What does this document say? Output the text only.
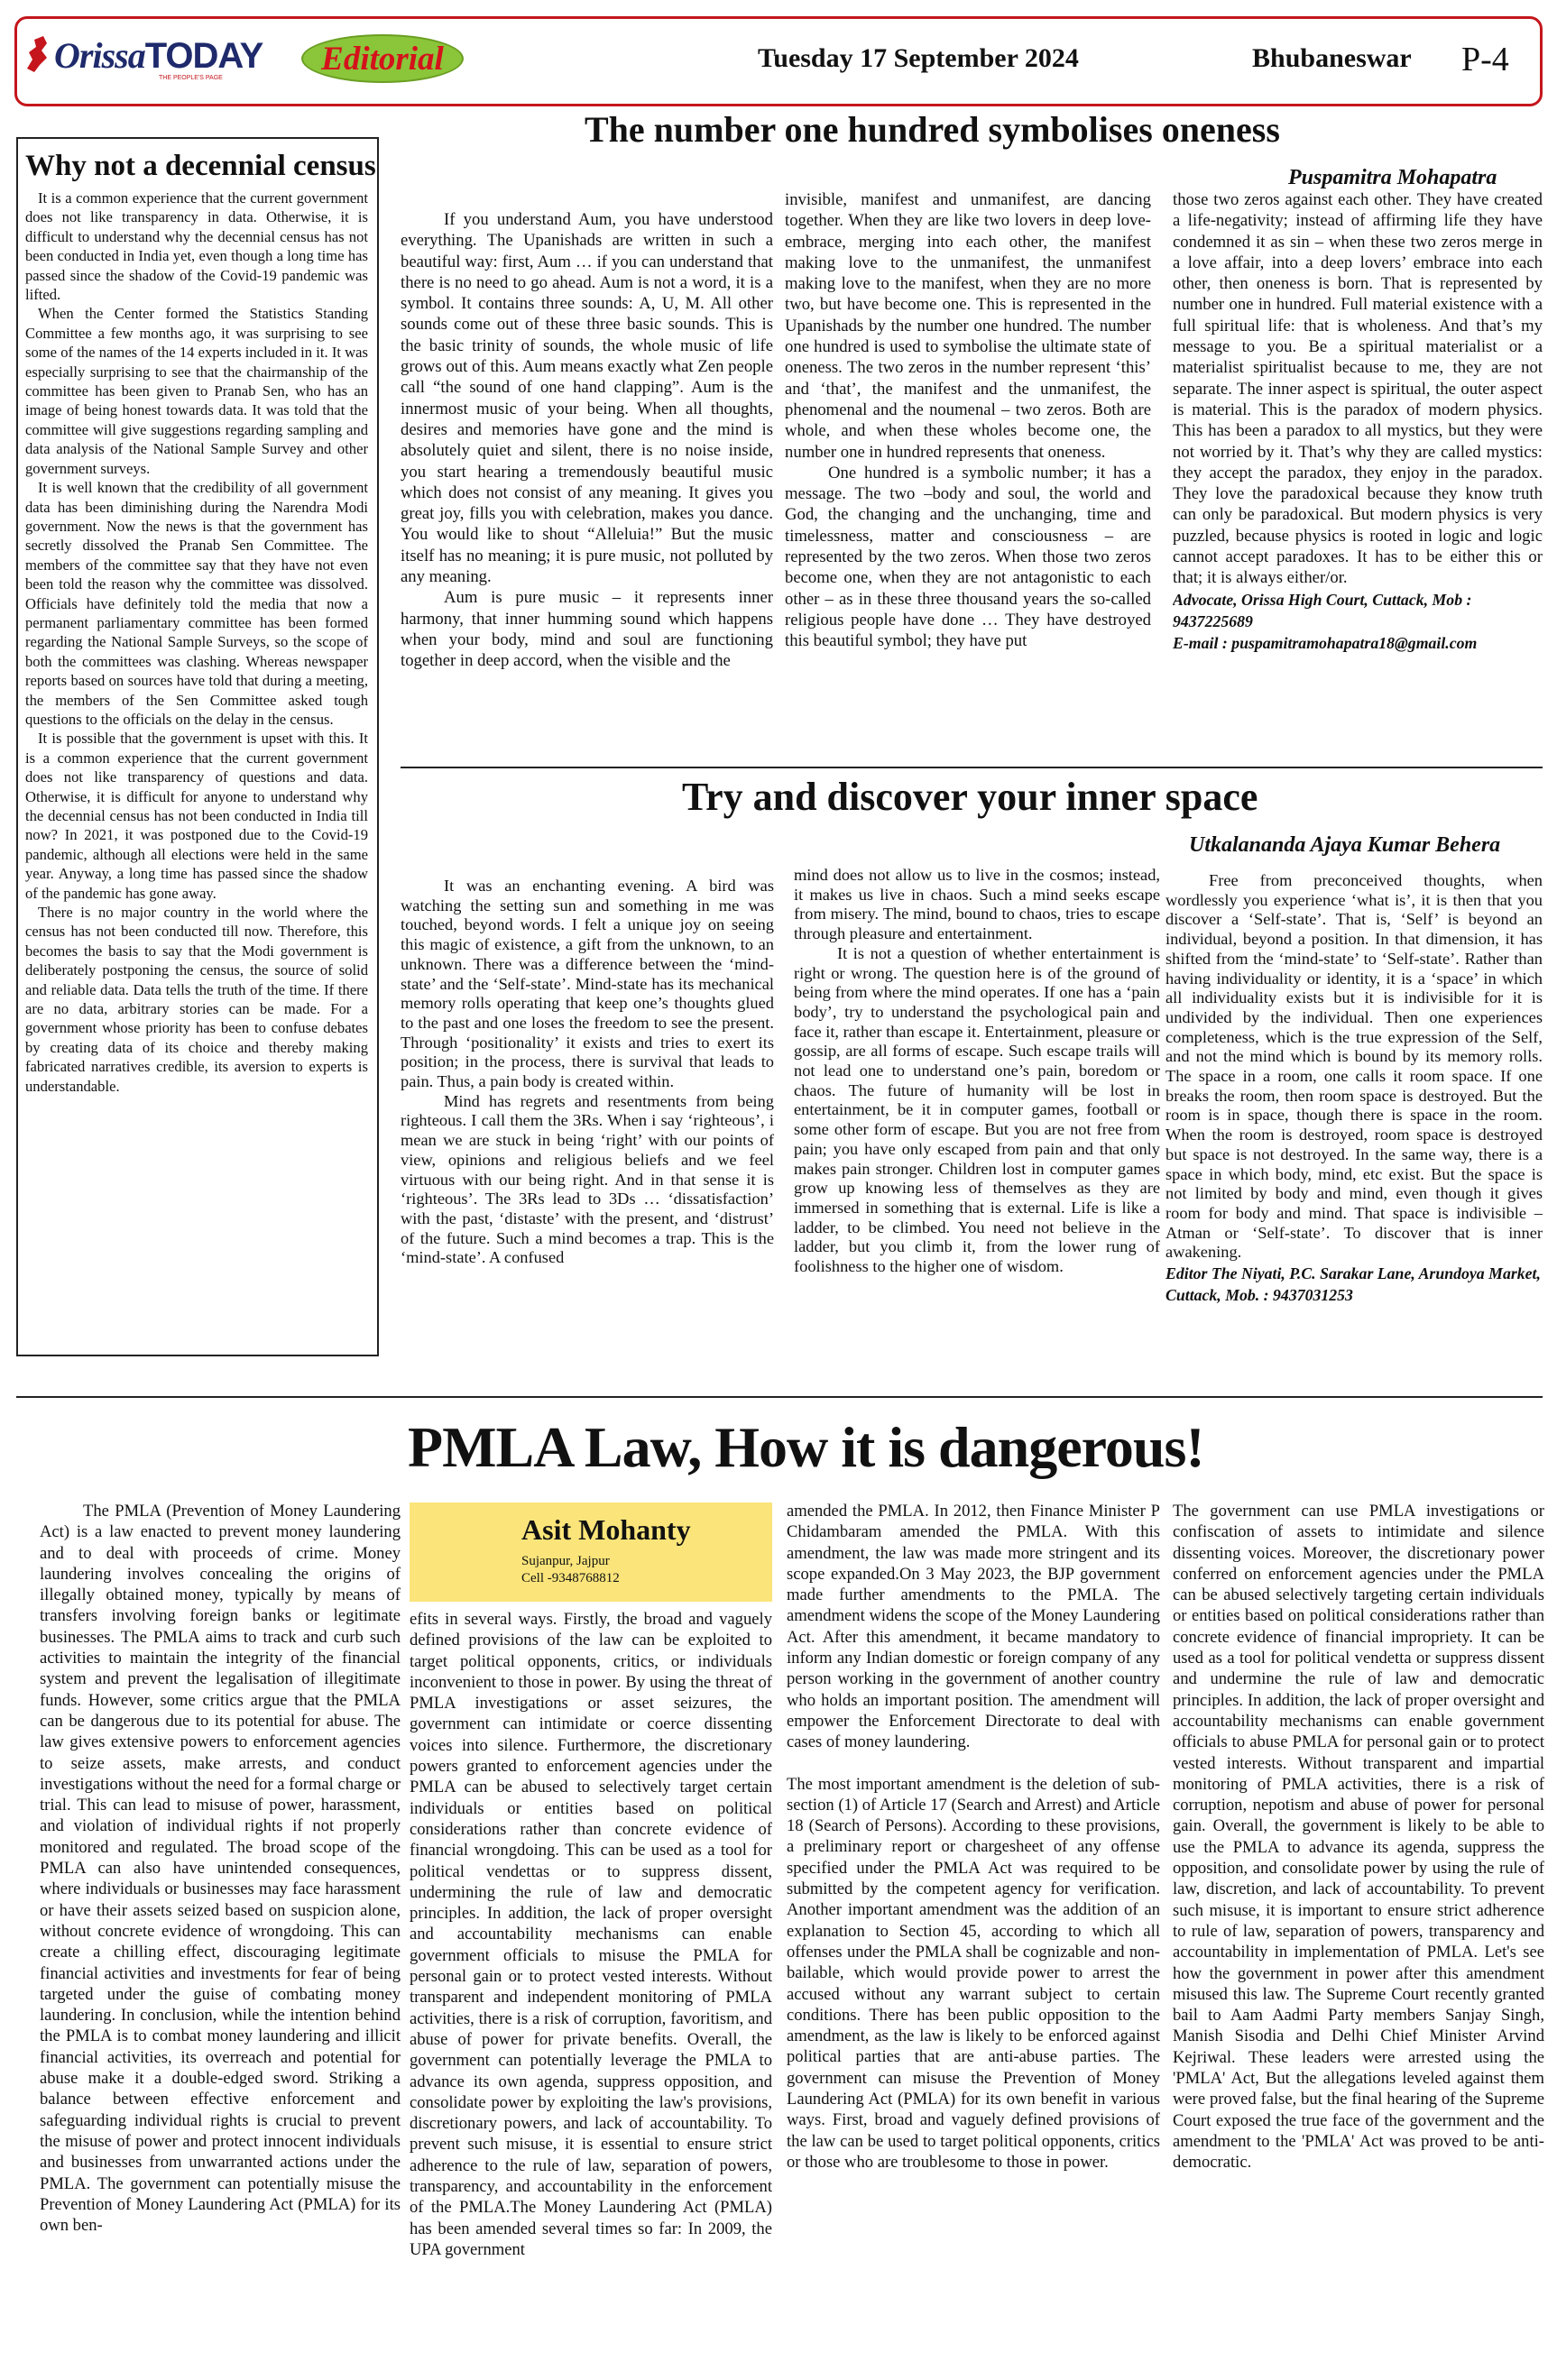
OrissaTODAY
THE PEOPLE'S PAGE
Editorial	Tuesday 17 September 2024	Bhubaneswar P-4
Why not a decennial census

It is a common experience that the current government does not like transparency in data. Otherwise, it is difficult to understand why the decennial census has not been conducted in India yet, even though a long time has passed since the shadow of the Covid-19 pandemic was lifted.

When the Center formed the Statistics Standing Committee a few months ago, it was surprising to see some of the names of the 14 experts included in it. It was especially surprising to see that the chairmanship of the committee has been given to Pranab Sen, who has an image of being honest towards data. It was told that the committee will give suggestions regarding sampling and data analysis of the National Sample Survey and other government surveys.

It is well known that the credibility of all government data has been diminishing during the Narendra Modi government. Now the news is that the government has secretly dissolved the Pranab Sen Committee. The members of the committee say that they have not even been told the reason why the committee was dissolved. Officials have definitely told the media that now a permanent parliamentary committee has been formed regarding the National Sample Surveys, so the scope of both the committees was clashing. Whereas newspaper reports based on sources have told that during a meeting, the members of the Sen Committee asked tough questions to the officials on the delay in the census.

It is possible that the government is upset with this. It is a common experience that the current government does not like transparency of questions and data. Otherwise, it is difficult for anyone to understand why the decennial census has not been conducted in India till now? In 2021, it was postponed due to the Covid-19 pandemic, although all elections were held in the same year. Anyway, a long time has passed since the shadow of the pandemic has gone away.

There is no major country in the world where the census has not been conducted till now. Therefore, this becomes the basis to say that the Modi government is deliberately postponing the census, the source of solid and reliable data. Data tells the truth of the time. If there are no data, arbitrary stories can be made. For a government whose priority has been to confuse debates by creating data of its choice and thereby making fabricated narratives credible, its aversion to experts is understandable.

The number one hundred symbolises oneness
Puspamitra Mohapatra

If you understand Aum, you have understood everything. The Upanishads are written in such a beautiful way: first, Aum … if you can understand that there is no need to go ahead. Aum is not a word, it is a symbol. It contains three sounds: A, U, M. All other sounds come out of these three basic sounds. This is the basic trinity of sounds, the whole music of life grows out of this. Aum means exactly what Zen people call “the sound of one hand clapping”. Aum is the innermost music of your being. When all thoughts, desires and memories have gone and the mind is absolutely quiet and silent, there is no noise inside, you start hearing a tremendously beautiful music which does not consist of any meaning. It gives you great joy, fills you with celebration, makes you dance. You would like to shout “Alleluia!” But the music itself has no meaning; it is pure music, not polluted by any meaning.

Aum is pure music – it represents inner harmony, that inner humming sound which happens when your body, mind and soul are functioning together in deep accord, when the visible and the

invisible, manifest and unmanifest, are dancing together. When they are like two lovers in deep love-embrace, merging into each other, the manifest making love to the unmanifest, the unmanifest making love to the manifest, when they are no more two, but have become one. This is represented in the Upanishads by the number one hundred. The number one hundred is used to symbolise the ultimate state of oneness. The two zeros in the number represent ‘this’ and ‘that’, the manifest and the unmanifest, the phenomenal and the noumenal – two zeros. Both are whole, and when these wholes become one, the number one in hundred represents that oneness.

One hundred is a symbolic number; it has a message. The two –body and soul, the world and God, the changing and the unchanging, time and timelessness, matter and consciousness – are represented by the two zeros. When those two zeros become one, when they are not antagonistic to each other – as in these three thousand years the so-called religious people have done … They have destroyed this beautiful symbol; they have put

those two zeros against each other. They have created a life-negativity; instead of affirming life they have condemned it as sin – when these two zeros merge in a love affair, into a deep lovers’ embrace into each other, then oneness is born. That is represented by number one in hundred. Full material existence with a full spiritual life: that is wholeness. And that’s my message to you. Be a spiritual materialist or a materialist spiritualist because to me, they are not separate. The inner aspect is spiritual, the outer aspect is material. This is the paradox of modern physics. This has been a paradox to all mystics, but they were not worried by it. That’s why they are called mystics: they accept the paradox, they enjoy in the paradox. They love the paradoxical because they know truth can only be paradoxical. But modern physics is very puzzled, because physics is rooted in logic and logic cannot accept paradoxes. It has to be either this or that; it is always either/or.

Advocate, Orissa High Court, Cuttack, Mob : 9437225689

E-mail : puspamitramohapatra18@gmail.com

Try and discover your inner space
Utkalananda Ajaya Kumar Behera

It was an enchanting evening. A bird was watching the setting sun and something in me was touched, beyond words. I felt a unique joy on seeing this magic of existence, a gift from the unknown, to an unknown. There was a difference between the ‘mind-state’ and the ‘Self-state’. Mind-state has its mechanical memory rolls operating that keep one’s thoughts glued to the past and one loses the freedom to see the present. Through ‘positionality’ it exists and tries to exert its position; in the process, there is survival that leads to pain. Thus, a pain body is created within.

Mind has regrets and resentments from being righteous. I call them the 3Rs. When i say ‘righteous’, i mean we are stuck in being ‘right’ with our points of view, opinions and religious beliefs and we feel virtuous with our being right. And in that sense it is ‘righteous’. The 3Rs lead to 3Ds … ‘dissatisfaction’ with the past, ‘distaste’ with the present, and ‘distrust’ of the future. Such a mind becomes a trap. This is the ‘mind-state’. A confused

mind does not allow us to live in the cosmos; instead, it makes us live in chaos. Such a mind seeks escape from misery. The mind, bound to chaos, tries to escape through pleasure and entertainment.

It is not a question of whether entertainment is right or wrong. The question here is of the ground of being from where the mind operates. If one has a ‘pain body’, try to understand the psychological pain and face it, rather than escape it. Entertainment, pleasure or gossip, are all forms of escape. Such escape trails will not lead one to understand one’s pain, boredom or chaos. The future of humanity will be lost in entertainment, be it in computer games, football or some other form of escape. But you are not free from pain; you have only escaped from pain and that only makes pain stronger. Children lost in computer games grow up knowing less of themselves as they are immersed in something that is external. Life is like a ladder, to be climbed. You need not believe in the ladder, but you climb it, from the lower rung of foolishness to the higher one of wisdom.

Free from preconceived thoughts, when wordlessly you experience ‘what is’, it is then that you discover a ‘Self-state’. That is, ‘Self’ is beyond an individual, beyond a position. In that dimension, it has shifted from the ‘mind-state’ to ‘Self-state’. Rather than having individuality or identity, it is a ‘space’ in which all individuality exists but it is indivisible for it is undivided by the individual. Then one experiences completeness, which is the true expression of the Self, and not the mind which is bound by its memory rolls. The space in a room, one calls it room space. If one breaks the room, then room space is destroyed. But the room is in space, though there is space in the room. When the room is destroyed, room space is destroyed but space is not destroyed. In the same way, there is a space in which body, mind, etc exist. But the space is not limited by body and mind, even though it gives room for body and mind. That space is indivisible – Atman or ‘Self-state’. To discover that is inner awakening.

Editor The Niyati, P.C. Sarakar Lane, Arundoya Market, Cuttack, Mob. : 9437031253

PMLA Law, How it is dangerous!
Asit Mohanty
Sujanpur, Jajpur
Cell -9348768812

The PMLA (Prevention of Money Laundering Act) is a law enacted to prevent money laundering and to deal with proceeds of crime. Money laundering involves concealing the origins of illegally obtained money, typically by means of transfers involving foreign banks or legitimate businesses. The PMLA aims to track and curb such activities to maintain the integrity of the financial system and prevent the legalisation of illegitimate funds. However, some critics argue that the PMLA can be dangerous due to its potential for abuse. The law gives extensive powers to enforcement agencies to seize assets, make arrests, and conduct investigations without the need for a formal charge or trial. This can lead to misuse of power, harassment, and violation of individual rights if not properly monitored and regulated. The broad scope of the PMLA can also have unintended consequences, where individuals or businesses may face harassment or have their assets seized based on suspicion alone, without concrete evidence of wrongdoing. This can create a chilling effect, discouraging legitimate financial activities and investments for fear of being targeted under the guise of combating money laundering. In conclusion, while the intention behind the PMLA is to combat money laundering and illicit financial activities, its overreach and potential for abuse make it a double-edged sword. Striking a balance between effective enforcement and safeguarding individual rights is crucial to prevent the misuse of power and protect innocent individuals and businesses from unwarranted actions under the PMLA. The government can potentially misuse the Prevention of Money Laundering Act (PMLA) for its own ben-

efits in several ways. Firstly, the broad and vaguely defined provisions of the law can be exploited to target political opponents, critics, or individuals inconvenient to those in power. By using the threat of PMLA investigations or asset seizures, the government can intimidate or coerce dissenting voices into silence. Furthermore, the discretionary powers granted to enforcement agencies under the PMLA can be abused to selectively target certain individuals or entities based on political considerations rather than concrete evidence of financial wrongdoing. This can be used as a tool for political vendettas or to suppress dissent, undermining the rule of law and democratic principles. In addition, the lack of proper oversight and accountability mechanisms can enable government officials to misuse the PMLA for personal gain or to protect vested interests. Without transparent and independent monitoring of PMLA activities, there is a risk of corruption, favoritism, and abuse of power for private benefits. Overall, the government can potentially leverage the PMLA to advance its own agenda, suppress opposition, and consolidate power by exploiting the law's provisions, discretionary powers, and lack of accountability. To prevent such misuse, it is essential to ensure strict adherence to the rule of law, separation of powers, transparency, and accountability in the enforcement of the PMLA.The Money Laundering Act (PMLA) has been amended several times so far: In 2009, the UPA government

amended the PMLA. In 2012, then Finance Minister P Chidambaram amended the PMLA. With this amendment, the law was made more stringent and its scope expanded.On 3 May 2023, the BJP government made further amendments to the PMLA. The amendment widens the scope of the Money Laundering Act. After this amendment, it became mandatory to inform any Indian domestic or foreign company of any person working in the government of another country who holds an important position. The amendment will empower the Enforcement Directorate to deal with cases of money laundering.

The most important amendment is the deletion of sub-section (1) of Article 17 (Search and Arrest) and Article 18 (Search of Persons). According to these provisions, a preliminary report or chargesheet of any offense specified under the PMLA Act was required to be submitted by the competent agency for verification. Another important amendment was the addition of an explanation to Section 45, according to which all offenses under the PMLA shall be cognizable and non-bailable, which would provide power to arrest the accused without any warrant subject to certain conditions. There has been public opposition to the amendment, as the law is likely to be enforced against political parties that are anti-abuse parties. The government can misuse the Prevention of Money Laundering Act (PMLA) for its own benefit in various ways. First, broad and vaguely defined provisions of the law can be used to target political opponents, critics or those who are troublesome to those in power.

The government can use PMLA investigations or confiscation of assets to intimidate and silence dissenting voices. Moreover, the discretionary power conferred on enforcement agencies under the PMLA can be abused selectively targeting certain individuals or entities based on political considerations rather than concrete evidence of financial impropriety. It can be used as a tool for political vendetta or suppress dissent and undermine the rule of law and democratic principles. In addition, the lack of proper oversight and accountability mechanisms can enable government officials to abuse PMLA for personal gain or to protect vested interests. Without transparent and impartial monitoring of PMLA activities, there is a risk of corruption, nepotism and abuse of power for personal gain. Overall, the government is likely to be able to use the PMLA to advance its agenda, suppress the opposition, and consolidate power by using the rule of law, discretion, and lack of accountability. To prevent such misuse, it is important to ensure strict adherence to rule of law, separation of powers, transparency and accountability in implementation of PMLA. Let's see how the government in power after this amendment misused this law. The Supreme Court recently granted bail to Aam Aadmi Party members Sanjay Singh, Manish Sisodia and Delhi Chief Minister Arvind Kejriwal. These leaders were arrested using the 'PMLA' Act, But the allegations leveled against them were proved false, but the final hearing of the Supreme Court exposed the true face of the government and the amendment to the 'PMLA' Act was proved to be anti-democratic.
